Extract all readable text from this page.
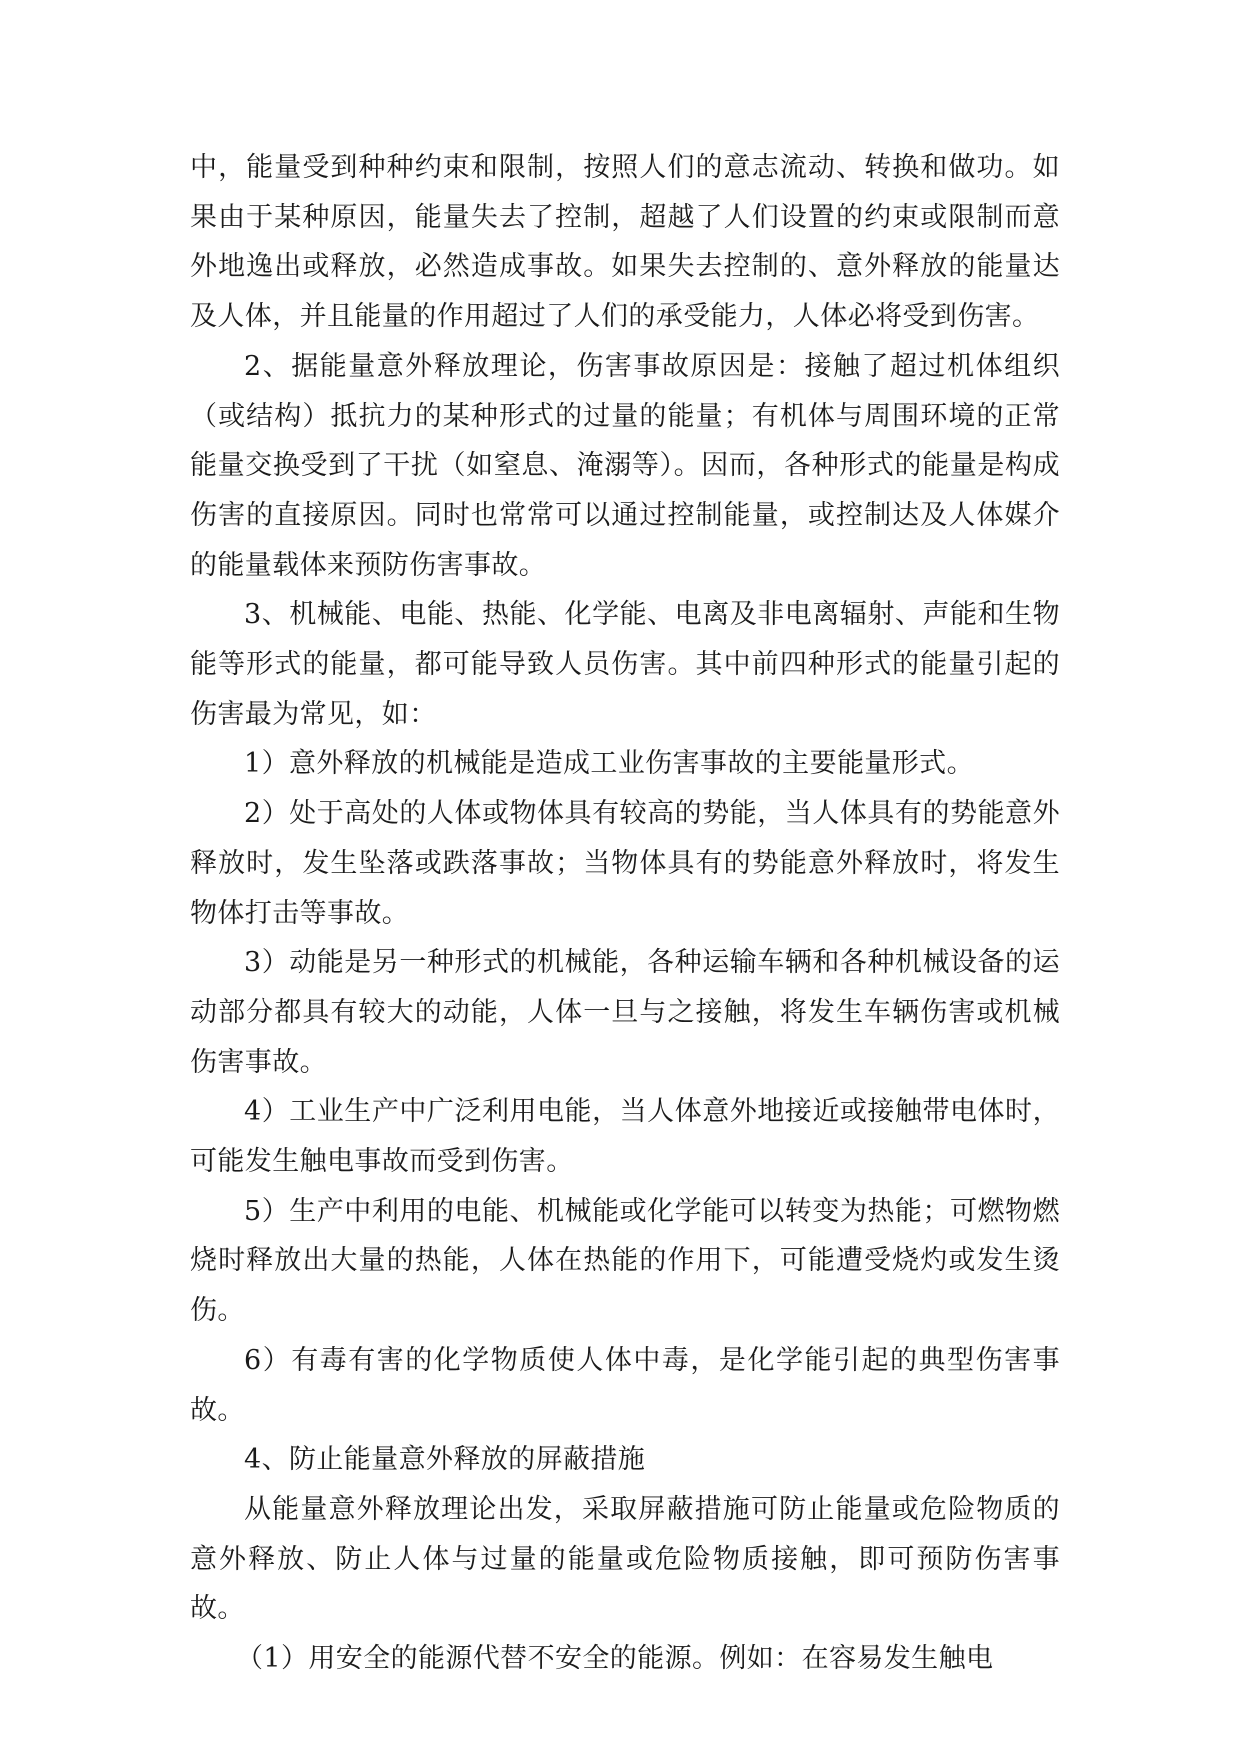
中，能量受到种种约束和限制，按照人们的意志流动、转换和做功。如果由于某种原因，能量失去了控制，超越了人们设置的约束或限制而意外地逸出或释放，必然造成事故。如果失去控制的、意外释放的能量达及人体，并且能量的作用超过了人们的承受能力，人体必将受到伤害。

2、据能量意外释放理论，伤害事故原因是：接触了超过机体组织（或结构）抵抗力的某种形式的过量的能量；有机体与周围环境的正常能量交换受到了干扰（如窒息、淹溺等）。因而，各种形式的能量是构成伤害的直接原因。同时也常常可以通过控制能量，或控制达及人体媒介的能量载体来预防伤害事故。

3、机械能、电能、热能、化学能、电离及非电离辐射、声能和生物能等形式的能量，都可能导致人员伤害。其中前四种形式的能量引起的伤害最为常见，如：

1）意外释放的机械能是造成工业伤害事故的主要能量形式。

2）处于高处的人体或物体具有较高的势能，当人体具有的势能意外释放时，发生坠落或跌落事故；当物体具有的势能意外释放时，将发生物体打击等事故。

3）动能是另一种形式的机械能，各种运输车辆和各种机械设备的运动部分都具有较大的动能，人体一旦与之接触，将发生车辆伤害或机械伤害事故。

4）工业生产中广泛利用电能，当人体意外地接近或接触带电体时，可能发生触电事故而受到伤害。

5）生产中利用的电能、机械能或化学能可以转变为热能；可燃物燃烧时释放出大量的热能，人体在热能的作用下，可能遭受烧灼或发生烫伤。

6）有毒有害的化学物质使人体中毒，是化学能引起的典型伤害事故。

4、防止能量意外释放的屏蔽措施

从能量意外释放理论出发，采取屏蔽措施可防止能量或危险物质的意外释放、防止人体与过量的能量或危险物质接触，即可预防伤害事故。

（1）用安全的能源代替不安全的能源。例如：在容易发生触电
